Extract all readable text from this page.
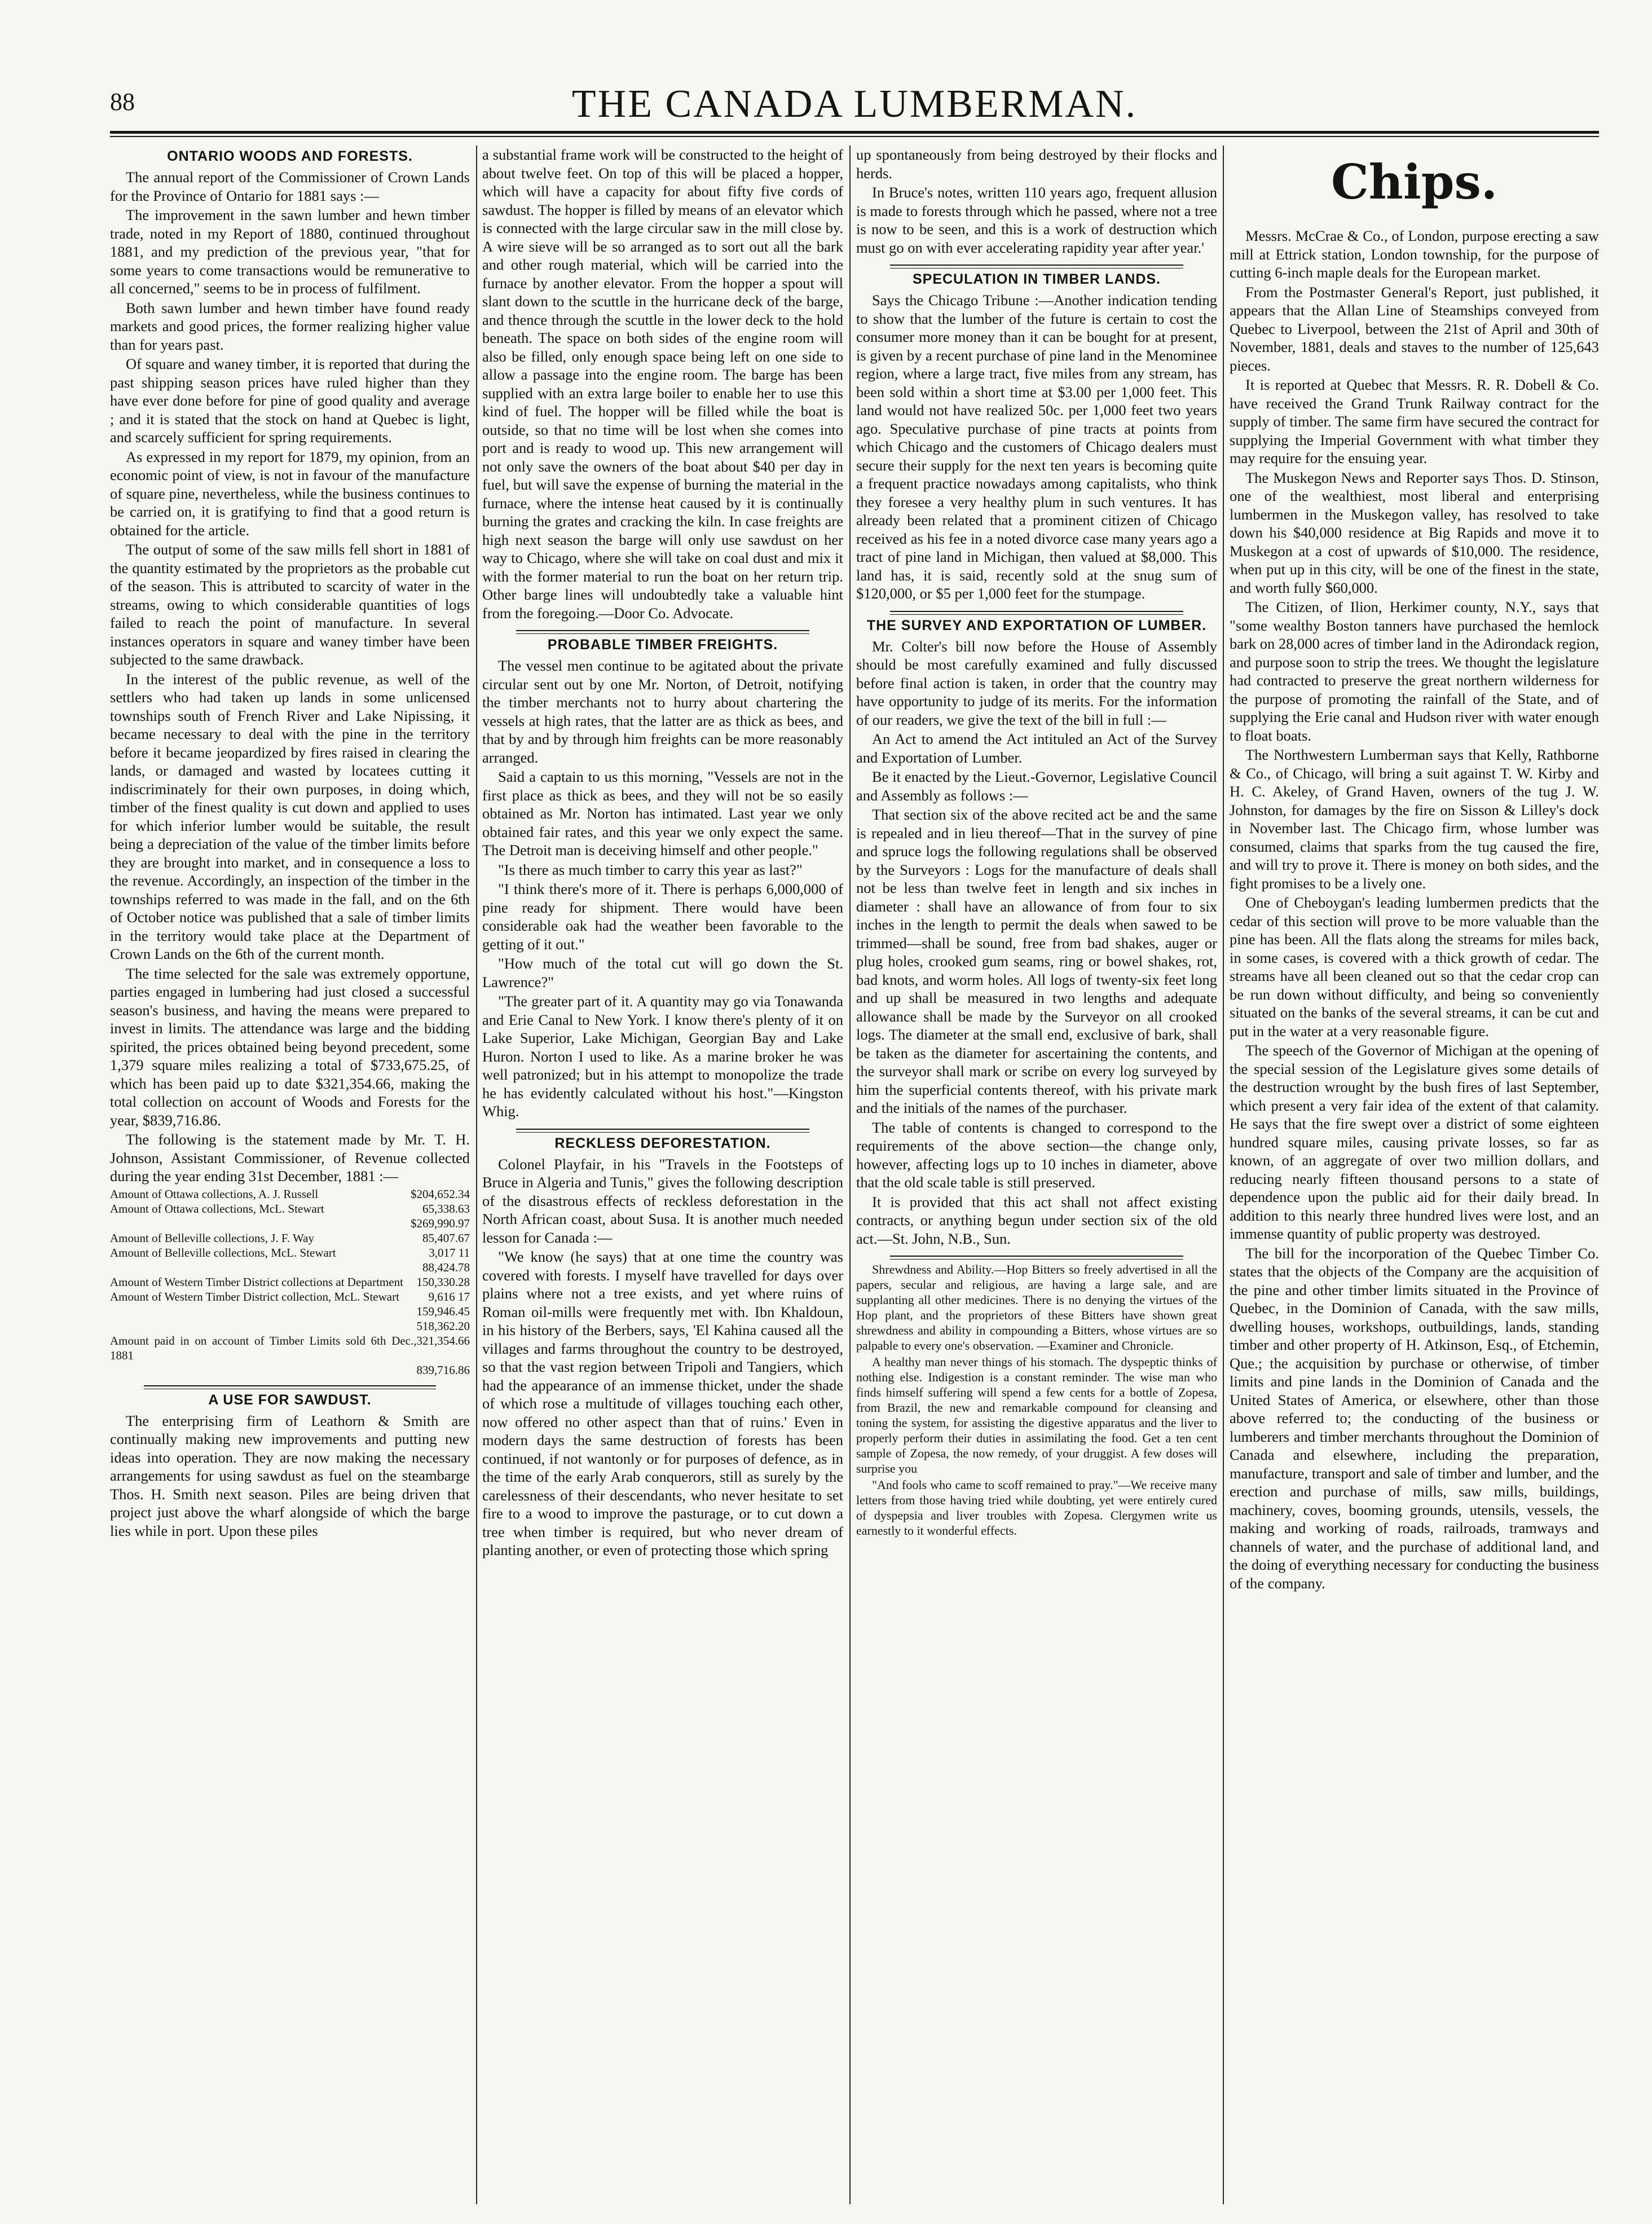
88	THE CANADA LUMBERMAN.
ONTARIO WOODS AND FORESTS.

The annual report of the Commissioner of Crown Lands for the Province of Ontario for 1881 says :—

The improvement in the sawn lumber and hewn timber trade, noted in my Report of 1880, continued throughout 1881, and my prediction of the previous year, "that for some years to come transactions would be remunerative to all concerned," seems to be in process of fulfilment.

Both sawn lumber and hewn timber have found ready markets and good prices, the former realizing higher value than for years past.

Of square and waney timber, it is reported that during the past shipping season prices have ruled higher than they have ever done before for pine of good quality and average ; and it is stated that the stock on hand at Quebec is light, and scarcely sufficient for spring requirements.

As expressed in my report for 1879, my opinion, from an economic point of view, is not in favour of the manufacture of square pine, nevertheless, while the business continues to be carried on, it is gratifying to find that a good return is obtained for the article.

The output of some of the saw mills fell short in 1881 of the quantity estimated by the proprietors as the probable cut of the season. This is attributed to scarcity of water in the streams, owing to which considerable quantities of logs failed to reach the point of manufacture. In several instances operators in square and waney timber have been subjected to the same drawback.

In the interest of the public revenue, as well of the settlers who had taken up lands in some unlicensed townships south of French River and Lake Nipissing, it became necessary to deal with the pine in the territory before it became jeopardized by fires raised in clearing the lands, or damaged and wasted by locatees cutting it indiscriminately for their own purposes, in doing which, timber of the finest quality is cut down and applied to uses for which inferior lumber would be suitable, the result being a depreciation of the value of the timber limits before they are brought into market, and in consequence a loss to the revenue. Accordingly, an inspection of the timber in the townships referred to was made in the fall, and on the 6th of October notice was published that a sale of timber limits in the territory would take place at the Department of Crown Lands on the 6th of the current month.

The time selected for the sale was extremely opportune, parties engaged in lumbering had just closed a successful season's business, and having the means were prepared to invest in limits. The attendance was large and the bidding spirited, the prices obtained being beyond precedent, some 1,379 square miles realizing a total of $733,675.25, of which has been paid up to date $321,354.66, making the total collection on account of Woods and Forests for the year, $839,716.86.

The following is the statement made by Mr. T. H. Johnson, Assistant Commissioner, of Revenue collected during the year ending 31st December, 1881 :—

Amount of Ottawa collections, A. J. Russell	$204,652.34
Amount of Ottawa collections, McL. Stewart	65,338.63
$269,990.97
Amount of Belleville collections, J. F. Way	85,407.67
Amount of Belleville collections, McL. Stewart	3,017 11
88,424.78
Amount of Western Timber District collections at Department 150,330.28
Amount of Western Timber District collection, McL. Stewart 9,616 17
159,946.45
518,362.20
Amount paid in on account of Timber Limits sold 6th Dec., 1881
321,354.66
839,716.86
A USE FOR SAWDUST.

The enterprising firm of Leathorn & Smith are continually making new improvements and putting new ideas into operation. They are now making the necessary arrangements for using sawdust as fuel on the steambarge Thos. H. Smith next season. Piles are being driven that project just above the wharf alongside of which the barge lies while in port. Upon these piles

a substantial frame work will be constructed to the height of about twelve feet. On top of this will be placed a hopper, which will have a capacity for about fifty five cords of sawdust. The hopper is filled by means of an elevator which is connected with the large circular saw in the mill close by. A wire sieve will be so arranged as to sort out all the bark and other rough material, which will be carried into the furnace by another elevator. From the hopper a spout will slant down to the scuttle in the hurricane deck of the barge, and thence through the scuttle in the lower deck to the hold beneath. The space on both sides of the engine room will also be filled, only enough space being left on one side to allow a passage into the engine room. The barge has been supplied with an extra large boiler to enable her to use this kind of fuel. The hopper will be filled while the boat is outside, so that no time will be lost when she comes into port and is ready to wood up. This new arrangement will not only save the owners of the boat about $40 per day in fuel, but will save the expense of burning the material in the furnace, where the intense heat caused by it is continually burning the grates and cracking the kiln. In case freights are high next season the barge will only use sawdust on her way to Chicago, where she will take on coal dust and mix it with the former material to run the boat on her return trip. Other barge lines will undoubtedly take a valuable hint from the foregoing.—Door Co. Advocate.

PROBABLE TIMBER FREIGHTS.

The vessel men continue to be agitated about the private circular sent out by one Mr. Norton, of Detroit, notifying the timber merchants not to hurry about chartering the vessels at high rates, that the latter are as thick as bees, and that by and by through him freights can be more reasonably arranged.

Said a captain to us this morning, "Vessels are not in the first place as thick as bees, and they will not be so easily obtained as Mr. Norton has intimated. Last year we only obtained fair rates, and this year we only expect the same. The Detroit man is deceiving himself and other people."

"Is there as much timber to carry this year as last?"

"I think there's more of it. There is perhaps 6,000,000 of pine ready for shipment. There would have been considerable oak had the weather been favorable to the getting of it out."

"How much of the total cut will go down the St. Lawrence?"

"The greater part of it. A quantity may go via Tonawanda and Erie Canal to New York. I know there's plenty of it on Lake Superior, Lake Michigan, Georgian Bay and Lake Huron. Norton I used to like. As a marine broker he was well patronized; but in his attempt to monopolize the trade he has evidently calculated without his host."—Kingston Whig.

RECKLESS DEFORESTATION.

Colonel Playfair, in his "Travels in the Footsteps of Bruce in Algeria and Tunis," gives the following description of the disastrous effects of reckless deforestation in the North African coast, about Susa. It is another much needed lesson for Canada :—

"We know (he says) that at one time the country was covered with forests. I myself have travelled for days over plains where not a tree exists, and yet where ruins of Roman oil-mills were frequently met with. Ibn Khaldoun, in his history of the Berbers, says, 'El Kahina caused all the villages and farms throughout the country to be destroyed, so that the vast region between Tripoli and Tangiers, which had the appearance of an immense thicket, under the shade of which rose a multitude of villages touching each other, now offered no other aspect than that of ruins.' Even in modern days the same destruction of forests has been continued, if not wantonly or for purposes of defence, as in the time of the early Arab conquerors, still as surely by the carelessness of their descendants, who never hesitate to set fire to a wood to improve the pasturage, or to cut down a tree when timber is required, but who never dream of planting another, or even of protecting those which spring

up spontaneously from being destroyed by their flocks and herds.

In Bruce's notes, written 110 years ago, frequent allusion is made to forests through which he passed, where not a tree is now to be seen, and this is a work of destruction which must go on with ever accelerating rapidity year after year.'

SPECULATION IN TIMBER LANDS.

Says the Chicago Tribune :—Another indication tending to show that the lumber of the future is certain to cost the consumer more money than it can be bought for at present, is given by a recent purchase of pine land in the Menominee region, where a large tract, five miles from any stream, has been sold within a short time at $3.00 per 1,000 feet. This land would not have realized 50c. per 1,000 feet two years ago. Speculative purchase of pine tracts at points from which Chicago and the customers of Chicago dealers must secure their supply for the next ten years is becoming quite a frequent practice nowadays among capitalists, who think they foresee a very healthy plum in such ventures. It has already been related that a prominent citizen of Chicago received as his fee in a noted divorce case many years ago a tract of pine land in Michigan, then valued at $8,000. This land has, it is said, recently sold at the snug sum of $120,000, or $5 per 1,000 feet for the stumpage.

THE SURVEY AND EXPORTATION OF LUMBER.

Mr. Colter's bill now before the House of Assembly should be most carefully examined and fully discussed before final action is taken, in order that the country may have opportunity to judge of its merits. For the information of our readers, we give the text of the bill in full :—

An Act to amend the Act intituled an Act of the Survey and Exportation of Lumber.

Be it enacted by the Lieut.-Governor, Legislative Council and Assembly as follows :—

That section six of the above recited act be and the same is repealed and in lieu thereof—That in the survey of pine and spruce logs the following regulations shall be observed by the Surveyors : Logs for the manufacture of deals shall not be less than twelve feet in length and six inches in diameter : shall have an allowance of from four to six inches in the length to permit the deals when sawed to be trimmed—shall be sound, free from bad shakes, auger or plug holes, crooked gum seams, ring or bowel shakes, rot, bad knots, and worm holes. All logs of twenty-six feet long and up shall be measured in two lengths and adequate allowance shall be made by the Surveyor on all crooked logs. The diameter at the small end, exclusive of bark, shall be taken as the diameter for ascertaining the contents, and the surveyor shall mark or scribe on every log surveyed by him the superficial contents thereof, with his private mark and the initials of the names of the purchaser.

The table of contents is changed to correspond to the requirements of the above section—the change only, however, affecting logs up to 10 inches in diameter, above that the old scale table is still preserved.

It is provided that this act shall not affect existing contracts, or anything begun under section six of the old act.—St. John, N.B., Sun.

Shrewdness and Ability.—Hop Bitters so freely advertised in all the papers, secular and religious, are having a large sale, and are supplanting all other medicines. There is no denying the virtues of the Hop plant, and the proprietors of these Bitters have shown great shrewdness and ability in compounding a Bitters, whose virtues are so palpable to every one's observation. —Examiner and Chronicle.

A healthy man never things of his stomach. The dyspeptic thinks of nothing else. Indigestion is a constant reminder. The wise man who finds himself suffering will spend a few cents for a bottle of Zopesa, from Brazil, the new and remarkable compound for cleansing and toning the system, for assisting the digestive apparatus and the liver to properly perform their duties in assimilating the food. Get a ten cent sample of Zopesa, the now remedy, of your druggist. A few doses will surprise you

"And fools who came to scoff remained to pray."—We receive many letters from those having tried while doubting, yet were entirely cured of dyspepsia and liver troubles with Zopesa. Clergymen write us earnestly to it wonderful effects.

Chips.

Messrs. McCrae & Co., of London, purpose erecting a saw mill at Ettrick station, London township, for the purpose of cutting 6-inch maple deals for the European market.

From the Postmaster General's Report, just published, it appears that the Allan Line of Steamships conveyed from Quebec to Liverpool, between the 21st of April and 30th of November, 1881, deals and staves to the number of 125,643 pieces.

It is reported at Quebec that Messrs. R. R. Dobell & Co. have received the Grand Trunk Railway contract for the supply of timber. The same firm have secured the contract for supplying the Imperial Government with what timber they may require for the ensuing year.

The Muskegon News and Reporter says Thos. D. Stinson, one of the wealthiest, most liberal and enterprising lumbermen in the Muskegon valley, has resolved to take down his $40,000 residence at Big Rapids and move it to Muskegon at a cost of upwards of $10,000. The residence, when put up in this city, will be one of the finest in the state, and worth fully $60,000.

The Citizen, of Ilion, Herkimer county, N.Y., says that "some wealthy Boston tanners have purchased the hemlock bark on 28,000 acres of timber land in the Adirondack region, and purpose soon to strip the trees. We thought the legislature had contracted to preserve the great northern wilderness for the purpose of promoting the rainfall of the State, and of supplying the Erie canal and Hudson river with water enough to float boats.

The Northwestern Lumberman says that Kelly, Rathborne & Co., of Chicago, will bring a suit against T. W. Kirby and H. C. Akeley, of Grand Haven, owners of the tug J. W. Johnston, for damages by the fire on Sisson & Lilley's dock in November last. The Chicago firm, whose lumber was consumed, claims that sparks from the tug caused the fire, and will try to prove it. There is money on both sides, and the fight promises to be a lively one.

One of Cheboygan's leading lumbermen predicts that the cedar of this section will prove to be more valuable than the pine has been. All the flats along the streams for miles back, in some cases, is covered with a thick growth of cedar. The streams have all been cleaned out so that the cedar crop can be run down without difficulty, and being so conveniently situated on the banks of the several streams, it can be cut and put in the water at a very reasonable figure.

The speech of the Governor of Michigan at the opening of the special session of the Legislature gives some details of the destruction wrought by the bush fires of last September, which present a very fair idea of the extent of that calamity. He says that the fire swept over a district of some eighteen hundred square miles, causing private losses, so far as known, of an aggregate of over two million dollars, and reducing nearly fifteen thousand persons to a state of dependence upon the public aid for their daily bread. In addition to this nearly three hundred lives were lost, and an immense quantity of public property was destroyed.

The bill for the incorporation of the Quebec Timber Co. states that the objects of the Company are the acquisition of the pine and other timber limits situated in the Province of Quebec, in the Dominion of Canada, with the saw mills, dwelling houses, workshops, outbuildings, lands, standing timber and other property of H. Atkinson, Esq., of Etchemin, Que.; the acquisition by purchase or otherwise, of timber limits and pine lands in the Dominion of Canada and the United States of America, or elsewhere, other than those above referred to; the conducting of the business or lumberers and timber merchants throughout the Dominion of Canada and elsewhere, including the preparation, manufacture, transport and sale of timber and lumber, and the erection and purchase of mills, saw mills, buildings, machinery, coves, booming grounds, utensils, vessels, the making and working of roads, railroads, tramways and channels of water, and the purchase of additional land, and the doing of everything necessary for conducting the business of the company.
